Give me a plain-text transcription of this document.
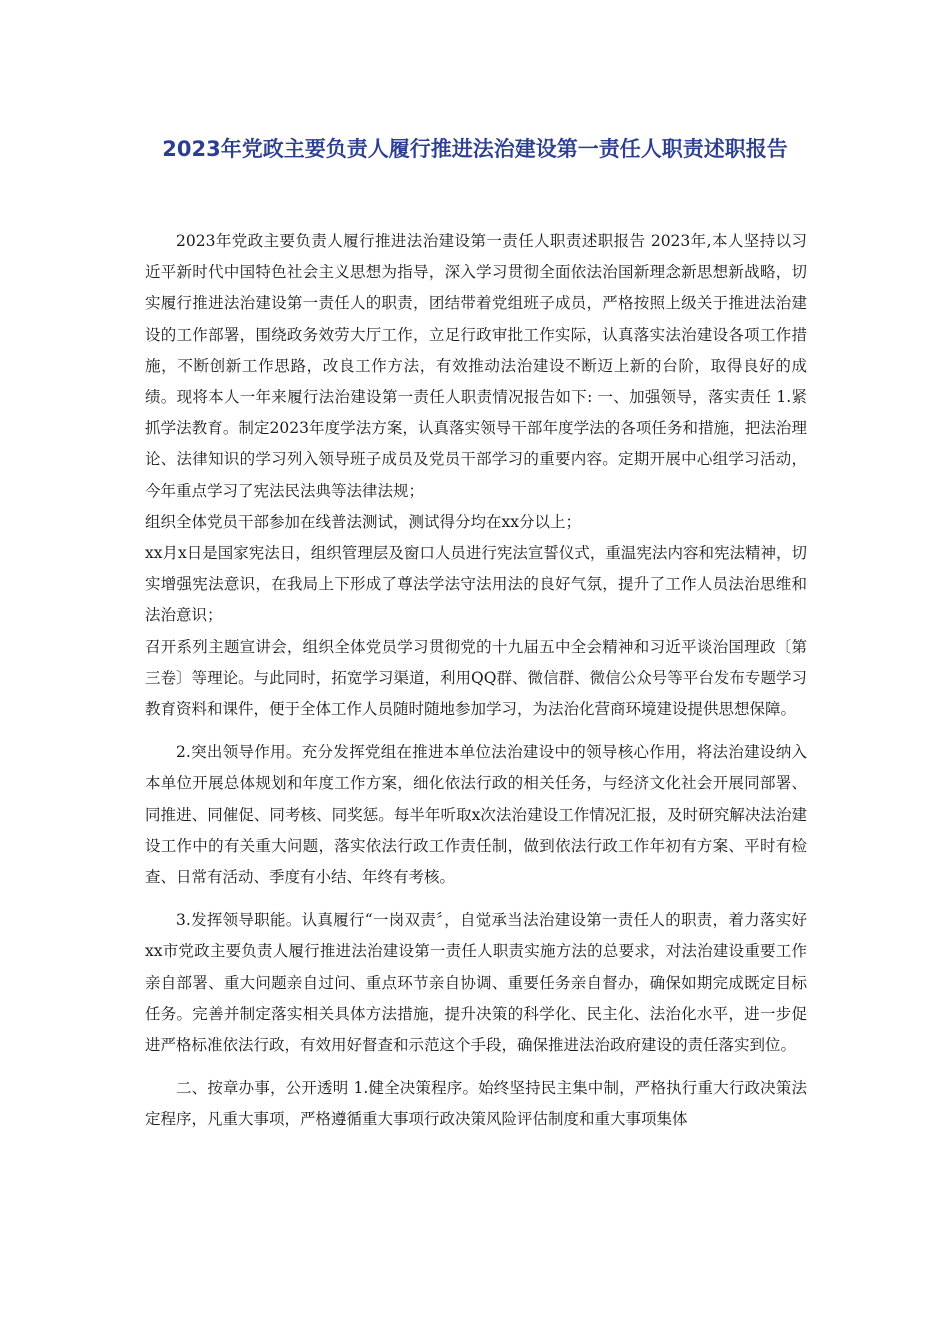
2023年党政主要负责人履行推进法治建设第一责任人职责述职报告

2023年党政主要负责人履行推进法治建设第一责任人职责述职报告 2023年,本人坚持以习近平新时代中国特色社会主义思想为指导，深入学习贯彻全面依法治国新理念新思想新战略，切实履行推进法治建设第一责任人的职责，团结带着党组班子成员，严格按照上级关于推进法治建设的工作部署，围绕政务效劳大厅工作，立足行政审批工作实际，认真落实法治建设各项工作措施，不断创新工作思路，改良工作方法，有效推动法治建设不断迈上新的台阶，取得良好的成绩。现将本人一年来履行法治建设第一责任人职责情况报告如下: 一、加强领导，落实责任 1.紧抓学法教育。制定2023年度学法方案，认真落实领导干部年度学法的各项任务和措施，把法治理论、法律知识的学习列入领导班子成员及党员干部学习的重要内容。定期开展中心组学习活动，今年重点学习了宪法民法典等法律法规；

组织全体党员干部参加在线普法测试，测试得分均在xx分以上；

xx月x日是国家宪法日，组织管理层及窗口人员进行宪法宣誓仪式，重温宪法内容和宪法精神，切实增强宪法意识，在我局上下形成了尊法学法守法用法的良好气氛，提升了工作人员法治思维和法治意识；

召开系列主题宣讲会，组织全体党员学习贯彻党的十九届五中全会精神和习近平谈治国理政〔第三卷〕等理论。与此同时，拓宽学习渠道，利用QQ群、微信群、微信公众号等平台发布专题学习教育资料和课件，便于全体工作人员随时随地参加学习，为法治化营商环境建设提供思想保障。

2.突出领导作用。充分发挥党组在推进本单位法治建设中的领导核心作用，将法治建设纳入本单位开展总体规划和年度工作方案，细化依法行政的相关任务，与经济文化社会开展同部署、同推进、同催促、同考核、同奖惩。每半年听取x次法治建设工作情况汇报，及时研究解决法治建设工作中的有关重大问题，落实依法行政工作责任制，做到依法行政工作年初有方案、平时有检查、日常有活动、季度有小结、年终有考核。

3.发挥领导职能。认真履行“一岗双责〞，自觉承当法治建设第一责任人的职责，着力落实好xx市党政主要负责人履行推进法治建设第一责任人职责实施方法的总要求，对法治建设重要工作亲自部署、重大问题亲自过问、重点环节亲自协调、重要任务亲自督办，确保如期完成既定目标任务。完善并制定落实相关具体方法措施，提升决策的科学化、民主化、法治化水平，进一步促进严格标准依法行政，有效用好督查和示范这个手段，确保推进法治政府建设的责任落实到位。

二、按章办事，公开透明 1.健全决策程序。始终坚持民主集中制，严格执行重大行政决策法定程序，凡重大事项，严格遵循重大事项行政决策风险评估制度和重大事项集体
